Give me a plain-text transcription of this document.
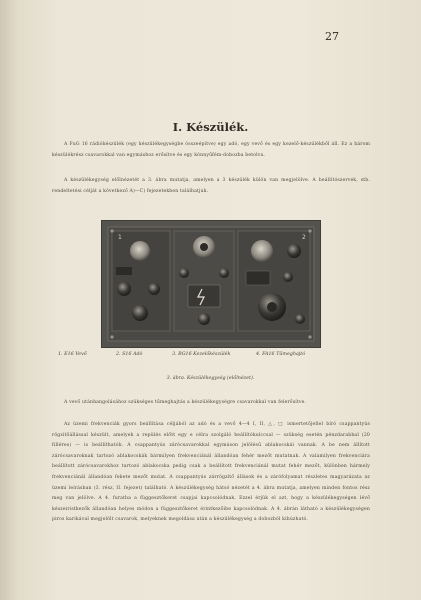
27
I. Készülék.
A FuG 16 rádiókészülék (egy készülékegységbe összeépítve) egy adó, egy vevő és egy kezelő-készülékből áll. Ez a három készülékrész csavarokkal van egymáshoz erősítve és egy könnyűfém-dobozba betolva.
A készülékegység előlnézetét a 3. ábra mutatja, amelyen a 3 készülék külön van megjelölve. A beállítószervek, stb. rendeltetési célját a következő A)—C) fejezetekben találhatjuk.
1	2
1. E16 Vevő	2. S16 Adó	3. BG16 Kezelőkészülék	4. FA16 Tűmeghajtó
3. ábra. Készülékegység (előlnézet).
A vevő utánhangolásához szükséges tűmeghajtás a készülékegységre csavarokkal van felerősítve.
Az üzemi frekvenciák gyors beállítása céljából az adó és a vevő 4—4 I, II, △, □ ismertetőjellel bíró csappantyús rögzítőállással készült, amelyek a repülés előtt egy e célra szolgáló beállítókulccsal — szükség esetén pénzdarabbal (20 filléres) — is beállíthatók. A csappantyús zárócsavarokkal egymáson jelölésű ablakocskái vannak. A be nem állított zárócsavaroknak tartozó ablakocskák bármilyen frekvenciánál állandóan fehér mezőt mutatnak. A valamilyen frekvenciára beállított zárócsavarokhoz tartozó ablakocska pedig csak a beállított frekvenciánál mutat fehér mezőt, különben hármely frekvenciánál állandóan fekete mezőt mutat. A csappantyús zárrögzítő állások és a zárófolyamat részletes magyarázata az üzemi leírásban (3. rész, II. fejezet) található. A készülékegység hátsó nézetét a 4. ábra mutatja, amelyen minden fontos rész meg van jelölve. A 4. furatba a függesztőkeret csapjai kapcsolódnak. Ezzel érjük el azt, hogy a készülékegységen lévő készeiristkezők állandóan helyes módon a függesztőkeret érintkezőibe kapcsolódnak. A 4. ábrán látható a készülékegységen piros karikával megjelölt csavarok, melyeknek megoldása után a készülékegység a dobozból kihúzható.
